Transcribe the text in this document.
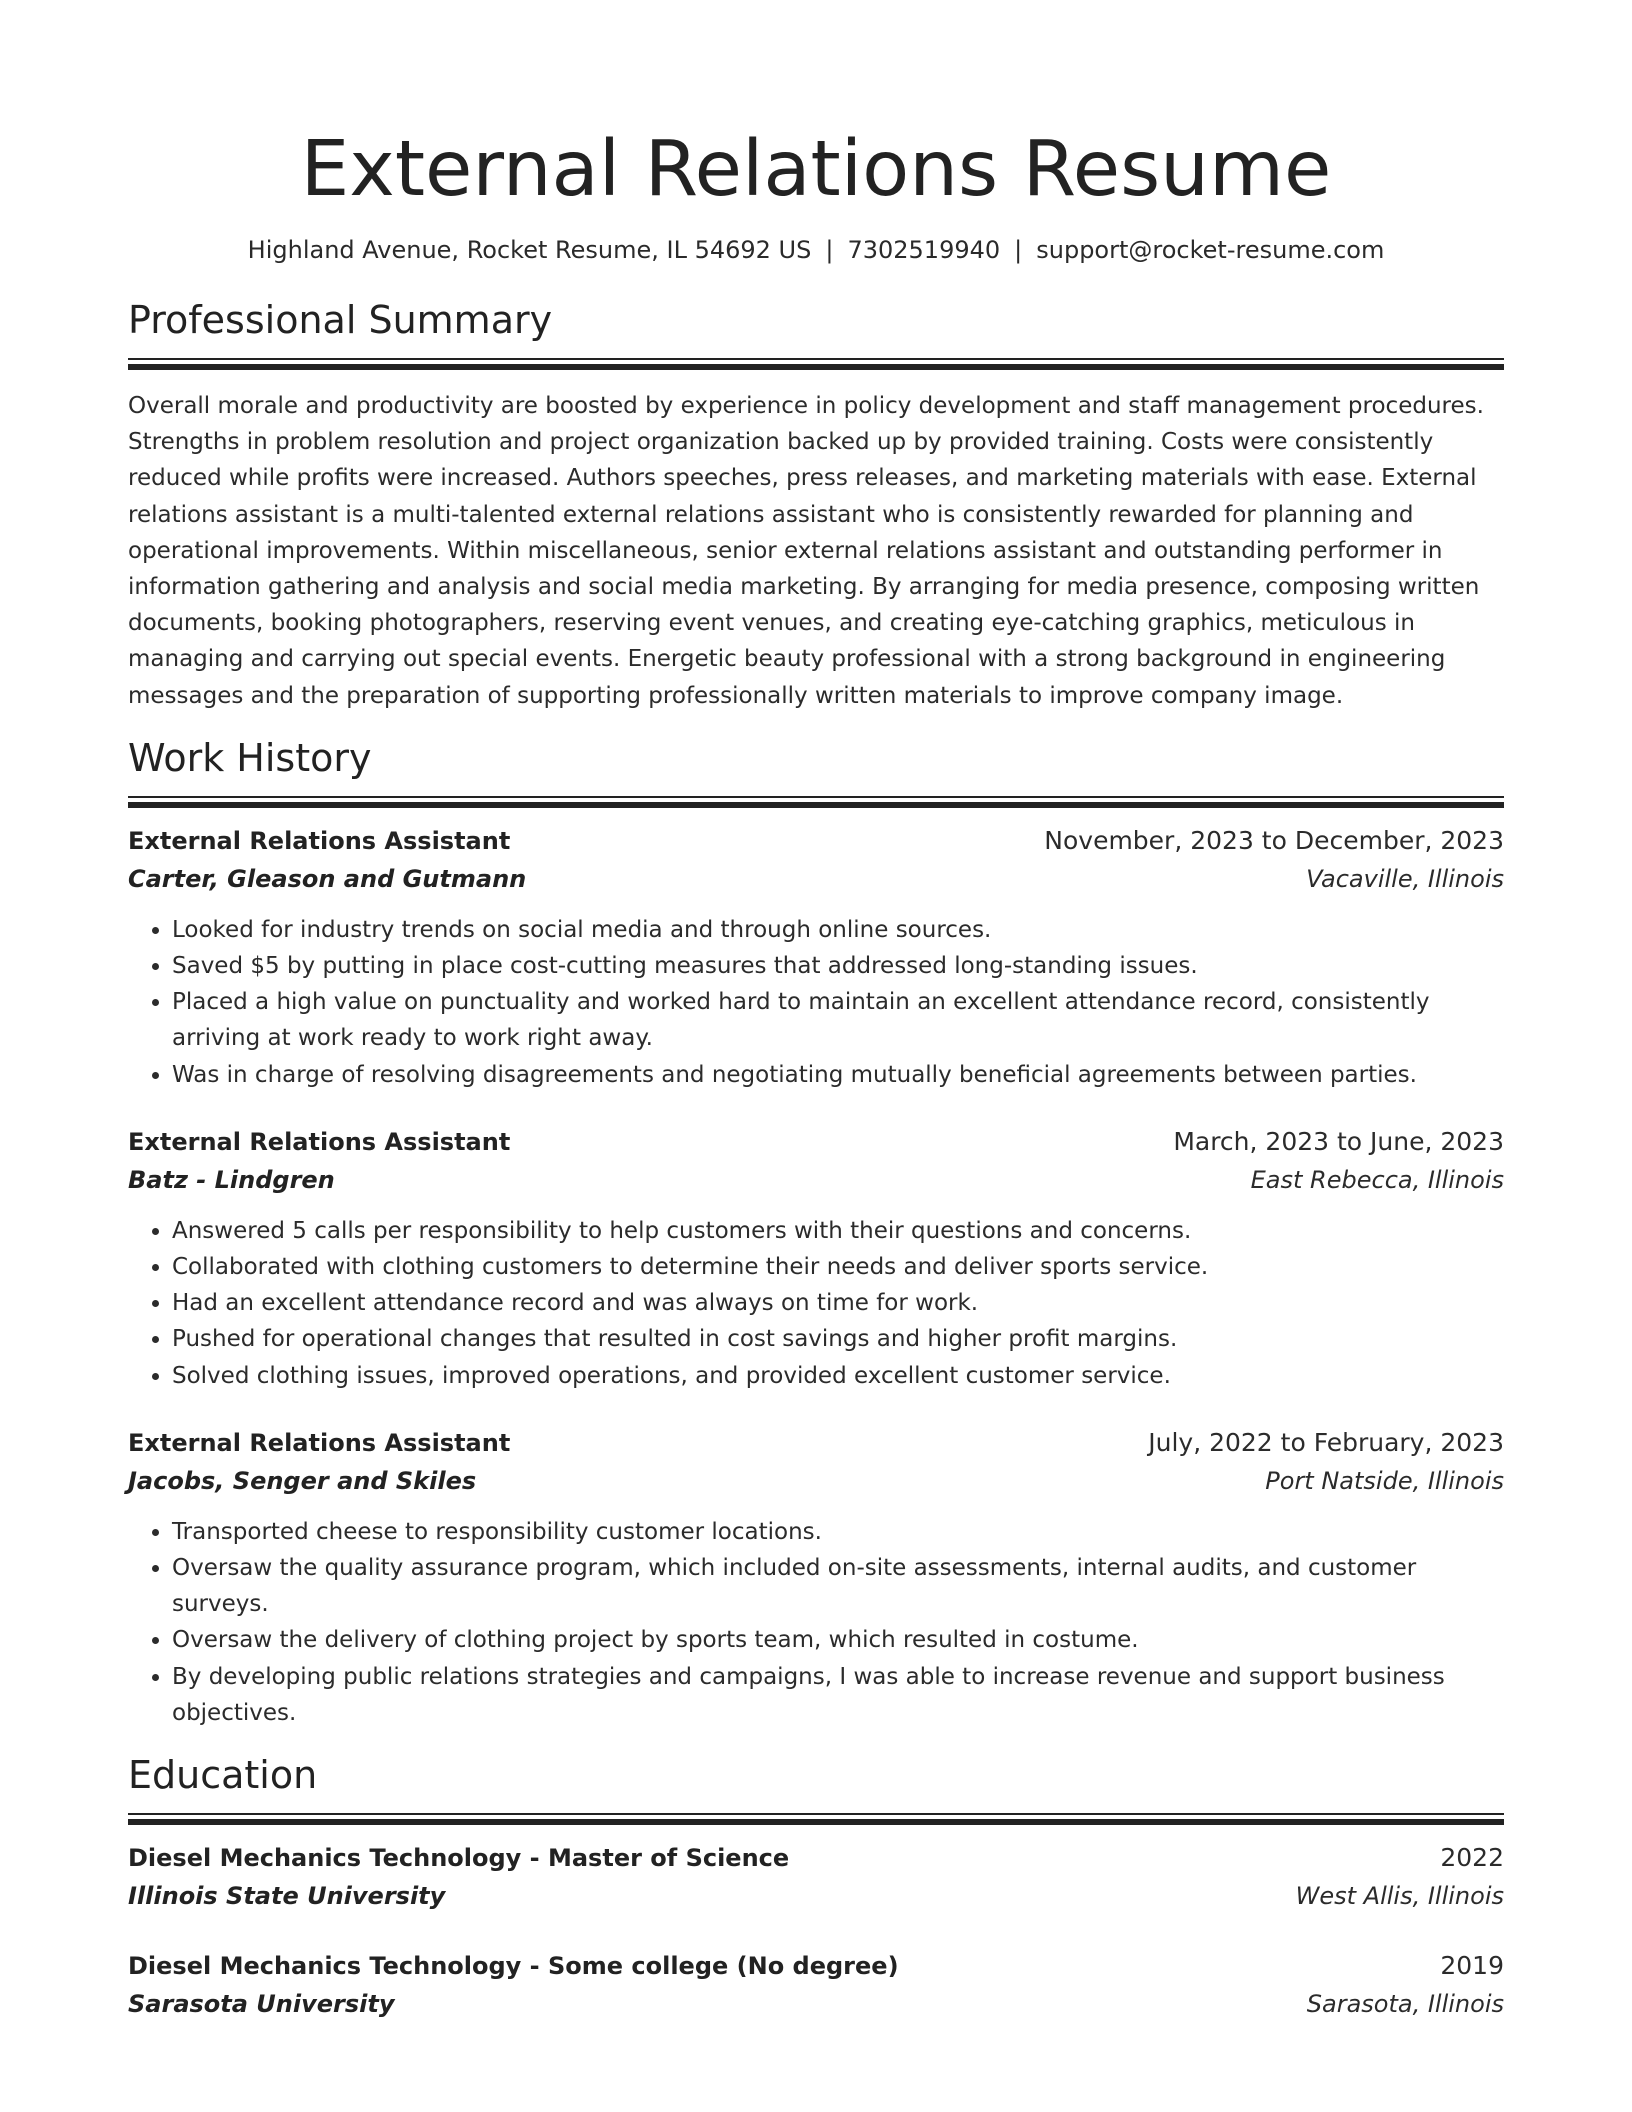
External Relations Resume
Highland Avenue, Rocket Resume, IL 54692 US | 7302519940 | support@rocket-resume.com
Professional Summary
Overall morale and productivity are boosted by experience in policy development and staff management procedures. Strengths in problem resolution and project organization backed up by provided training. Costs were consistently reduced while profits were increased. Authors speeches, press releases, and marketing materials with ease. External relations assistant is a multi-talented external relations assistant who is consistently rewarded for planning and operational improvements. Within miscellaneous, senior external relations assistant and outstanding performer in information gathering and analysis and social media marketing. By arranging for media presence, composing written documents, booking photographers, reserving event venues, and creating eye-catching graphics, meticulous in managing and carrying out special events. Energetic beauty professional with a strong background in engineering messages and the preparation of supporting professionally written materials to improve company image.
Work History
External Relations Assistant	November, 2023 to December, 2023
Carter, Gleason and Gutmann	Vacaville, Illinois
• Looked for industry trends on social media and through online sources.
• Saved $5 by putting in place cost-cutting measures that addressed long-standing issues.
• Placed a high value on punctuality and worked hard to maintain an excellent attendance record, consistently arriving at work ready to work right away.
• Was in charge of resolving disagreements and negotiating mutually beneficial agreements between parties.
External Relations Assistant	March, 2023 to June, 2023
Batz - Lindgren	East Rebecca, Illinois
• Answered 5 calls per responsibility to help customers with their questions and concerns.
• Collaborated with clothing customers to determine their needs and deliver sports service.
• Had an excellent attendance record and was always on time for work.
• Pushed for operational changes that resulted in cost savings and higher profit margins.
• Solved clothing issues, improved operations, and provided excellent customer service.
External Relations Assistant	July, 2022 to February, 2023
Jacobs, Senger and Skiles	Port Natside, Illinois
• Transported cheese to responsibility customer locations.
• Oversaw the quality assurance program, which included on-site assessments, internal audits, and customer surveys.
• Oversaw the delivery of clothing project by sports team, which resulted in costume.
• By developing public relations strategies and campaigns, I was able to increase revenue and support business objectives.
Education
Diesel Mechanics Technology - Master of Science	2022
Illinois State University	West Allis, Illinois
Diesel Mechanics Technology - Some college (No degree)	2019
Sarasota University	Sarasota, Illinois
